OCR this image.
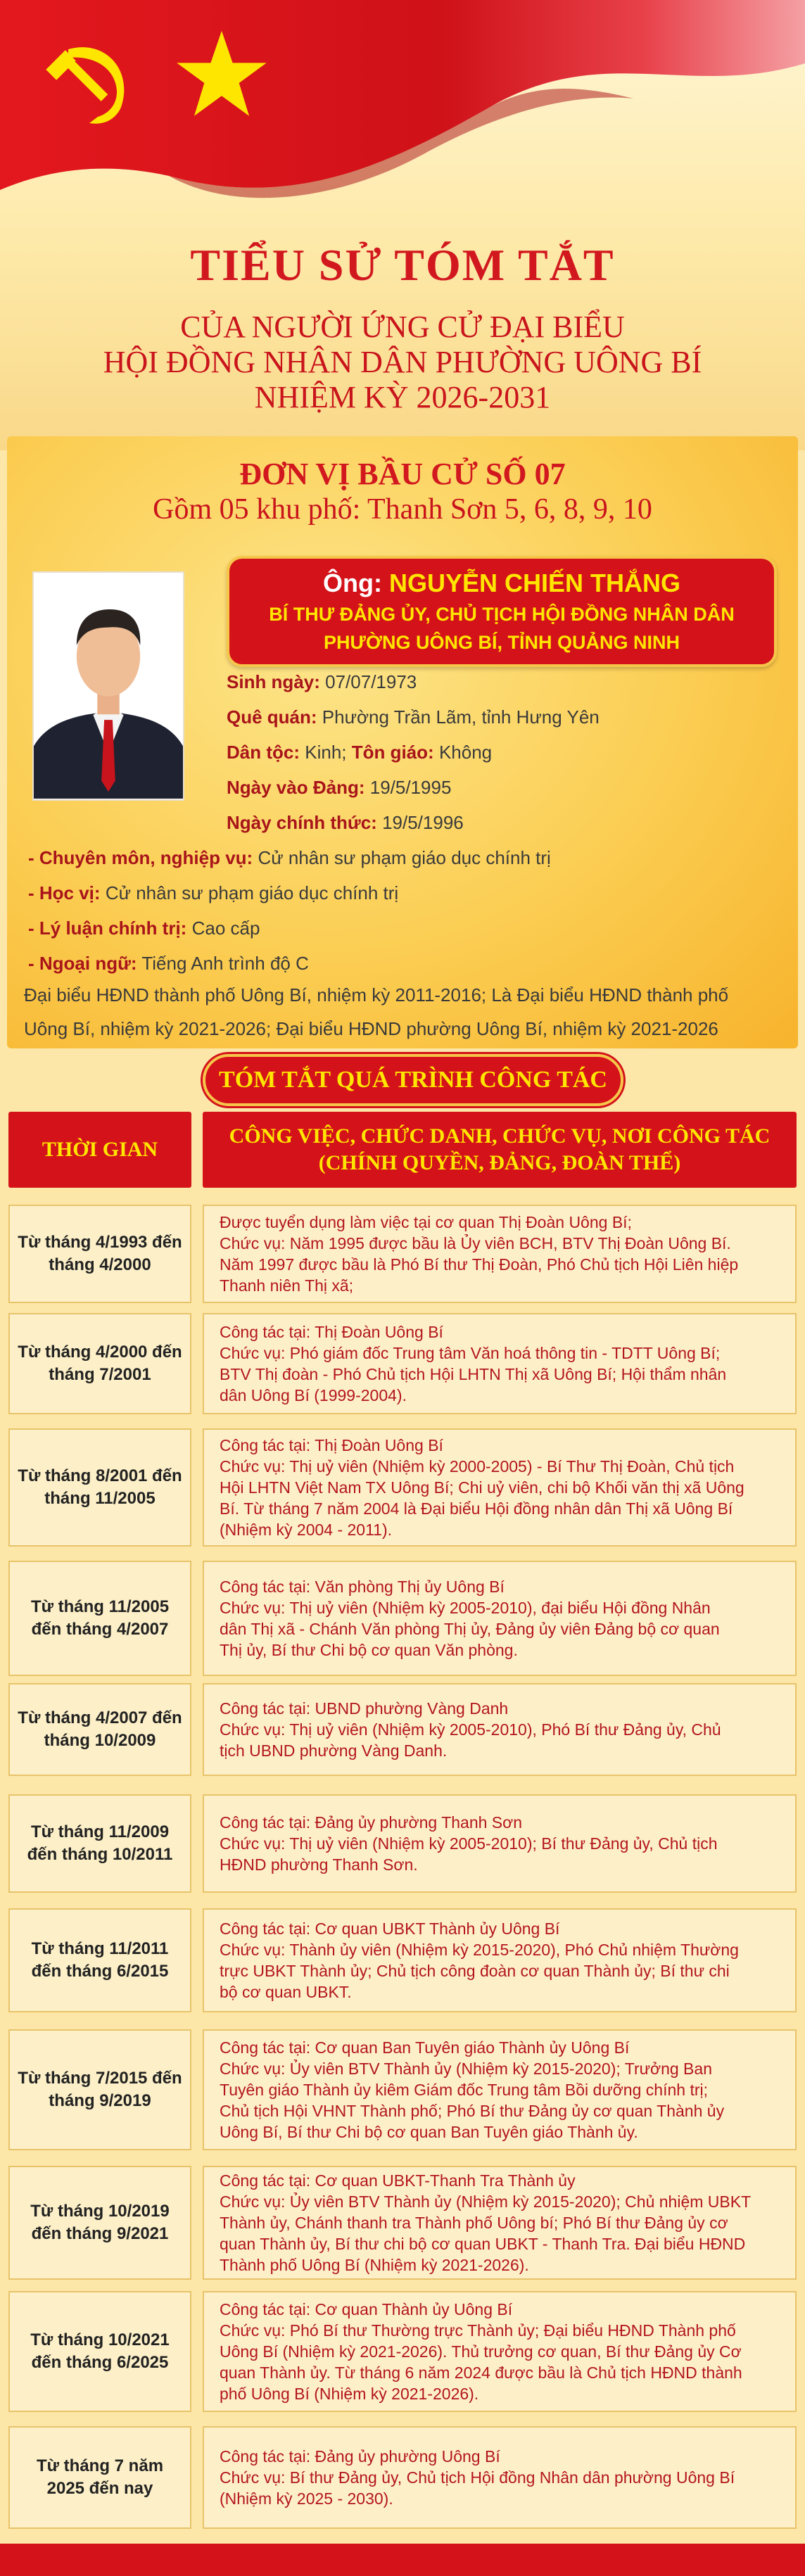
TIỂU SỬ TÓM TẮT
CỦA NGƯỜI ỨNG CỬ ĐẠI BIỂU
HỘI ĐỒNG NHÂN DÂN PHƯỜNG UÔNG BÍ
NHIỆM KỲ 2026-2031
ĐƠN VỊ BẦU CỬ SỐ 07
Gồm 05 khu phố: Thanh Sơn 5, 6, 8, 9, 10
Ông: NGUYỄN CHIẾN THẮNG
BÍ THƯ ĐẢNG ỦY, CHỦ TỊCH HỘI ĐỒNG NHÂN DÂN
PHƯỜNG UÔNG BÍ, TỈNH QUẢNG NINH
Sinh ngày: 07/07/1973
Quê quán: Phường Trần Lãm, tỉnh Hưng Yên
Dân tộc: Kinh; Tôn giáo: Không
Ngày vào Đảng: 19/5/1995
Ngày chính thức: 19/5/1996
- Chuyên môn, nghiệp vụ: Cử nhân sư phạm giáo dục chính trị
- Học vị: Cử nhân sư phạm giáo dục chính trị
- Lý luận chính trị: Cao cấp
- Ngoại ngữ: Tiếng Anh trình độ C
Đại biểu HĐND thành phố Uông Bí, nhiệm kỳ 2011-2016; Là Đại biểu HĐND thành phố
Uông Bí, nhiệm kỳ 2021-2026; Đại biểu HĐND phường Uông Bí, nhiệm kỳ 2021-2026
TÓM TẮT QUÁ TRÌNH CÔNG TÁC
THỜI GIAN
CÔNG VIỆC, CHỨC DANH, CHỨC VỤ, NƠI CÔNG TÁC
(CHÍNH QUYỀN, ĐẢNG, ĐOÀN THỂ)
Từ tháng 4/1993 đến tháng 4/2000
Được tuyển dụng làm việc tại cơ quan Thị Đoàn Uông Bí;
Chức vụ: Năm 1995 được bầu là Ủy viên BCH, BTV Thị Đoàn Uông Bí.
Năm 1997 được bầu là Phó Bí thư Thị Đoàn, Phó Chủ tịch Hội Liên hiệp
Thanh niên Thị xã;
Từ tháng 4/2000 đến tháng 7/2001
Công tác tại: Thị Đoàn Uông Bí
Chức vụ: Phó giám đốc Trung tâm Văn hoá thông tin - TDTT Uông Bí;
BTV Thị đoàn - Phó Chủ tịch Hội LHTN Thị xã Uông Bí; Hội thẩm nhân
dân Uông Bí (1999-2004).
Từ tháng 8/2001 đến tháng 11/2005
Công tác tại: Thị Đoàn Uông Bí
Chức vụ: Thị uỷ viên (Nhiệm kỳ 2000-2005) - Bí Thư Thị Đoàn, Chủ tịch
Hội LHTN Việt Nam TX Uông Bí; Chi uỷ viên, chi bộ Khối văn thị xã Uông
Bí. Từ tháng 7 năm 2004 là Đại biểu Hội đồng nhân dân Thị xã Uông Bí
(Nhiệm kỳ 2004 - 2011).
Từ tháng 11/2005 đến tháng 4/2007
Công tác tại: Văn phòng Thị ủy Uông Bí
Chức vụ: Thị uỷ viên (Nhiệm kỳ 2005-2010), đại biểu Hội đồng Nhân
dân Thị xã - Chánh Văn phòng Thị ủy, Đảng ủy viên Đảng bộ cơ quan
Thị ủy, Bí thư Chi bộ cơ quan Văn phòng.
Từ tháng 4/2007 đến tháng 10/2009
Công tác tại: UBND phường Vàng Danh
Chức vụ: Thị uỷ viên (Nhiệm kỳ 2005-2010), Phó Bí thư Đảng ủy, Chủ
tịch UBND phường Vàng Danh.
Từ tháng 11/2009 đến tháng 10/2011
Công tác tại: Đảng ủy phường Thanh Sơn
Chức vụ: Thị uỷ viên (Nhiệm kỳ 2005-2010); Bí thư Đảng ủy, Chủ tịch
HĐND phường Thanh Sơn.
Từ tháng 11/2011 đến tháng 6/2015
Công tác tại: Cơ quan UBKT Thành ủy Uông Bí
Chức vụ: Thành ủy viên (Nhiệm kỳ 2015-2020), Phó Chủ nhiệm Thường
trực UBKT Thành ủy; Chủ tịch công đoàn cơ quan Thành ủy; Bí thư chi
bộ cơ quan UBKT.
Từ tháng 7/2015 đến tháng 9/2019
Công tác tại: Cơ quan Ban Tuyên giáo Thành ủy Uông Bí
Chức vụ: Ủy viên BTV Thành ủy (Nhiệm kỳ 2015-2020); Trưởng Ban
Tuyên giáo Thành ủy kiêm Giám đốc Trung tâm Bồi dưỡng chính trị;
Chủ tịch Hội VHNT Thành phố; Phó Bí thư Đảng ủy cơ quan Thành ủy
Uông Bí, Bí thư Chi bộ cơ quan Ban Tuyên giáo Thành ủy.
Từ tháng 10/2019 đến tháng 9/2021
Công tác tại: Cơ quan UBKT-Thanh Tra Thành ủy
Chức vụ: Ủy viên BTV Thành ủy (Nhiệm kỳ 2015-2020); Chủ nhiệm UBKT
Thành ủy, Chánh thanh tra Thành phố Uông bí; Phó Bí thư Đảng ủy cơ
quan Thành ủy, Bí thư chi bộ cơ quan UBKT - Thanh Tra. Đại biểu HĐND
Thành phố Uông Bí (Nhiệm kỳ 2021-2026).
Từ tháng 10/2021 đến tháng 6/2025
Công tác tại: Cơ quan Thành ủy Uông Bí
Chức vụ: Phó Bí thư Thường trực Thành ủy; Đại biểu HĐND Thành phố
Uông Bí (Nhiệm kỳ 2021-2026). Thủ trưởng cơ quan, Bí thư Đảng ủy Cơ
quan Thành ủy. Từ tháng 6 năm 2024 được bầu là Chủ tịch HĐND thành
phố Uông Bí (Nhiệm kỳ 2021-2026).
Từ tháng 7 năm 2025 đến nay
Công tác tại: Đảng ủy phường Uông Bí
Chức vụ: Bí thư Đảng ủy, Chủ tịch Hội đồng Nhân dân phường Uông Bí
(Nhiệm kỳ 2025 - 2030).
